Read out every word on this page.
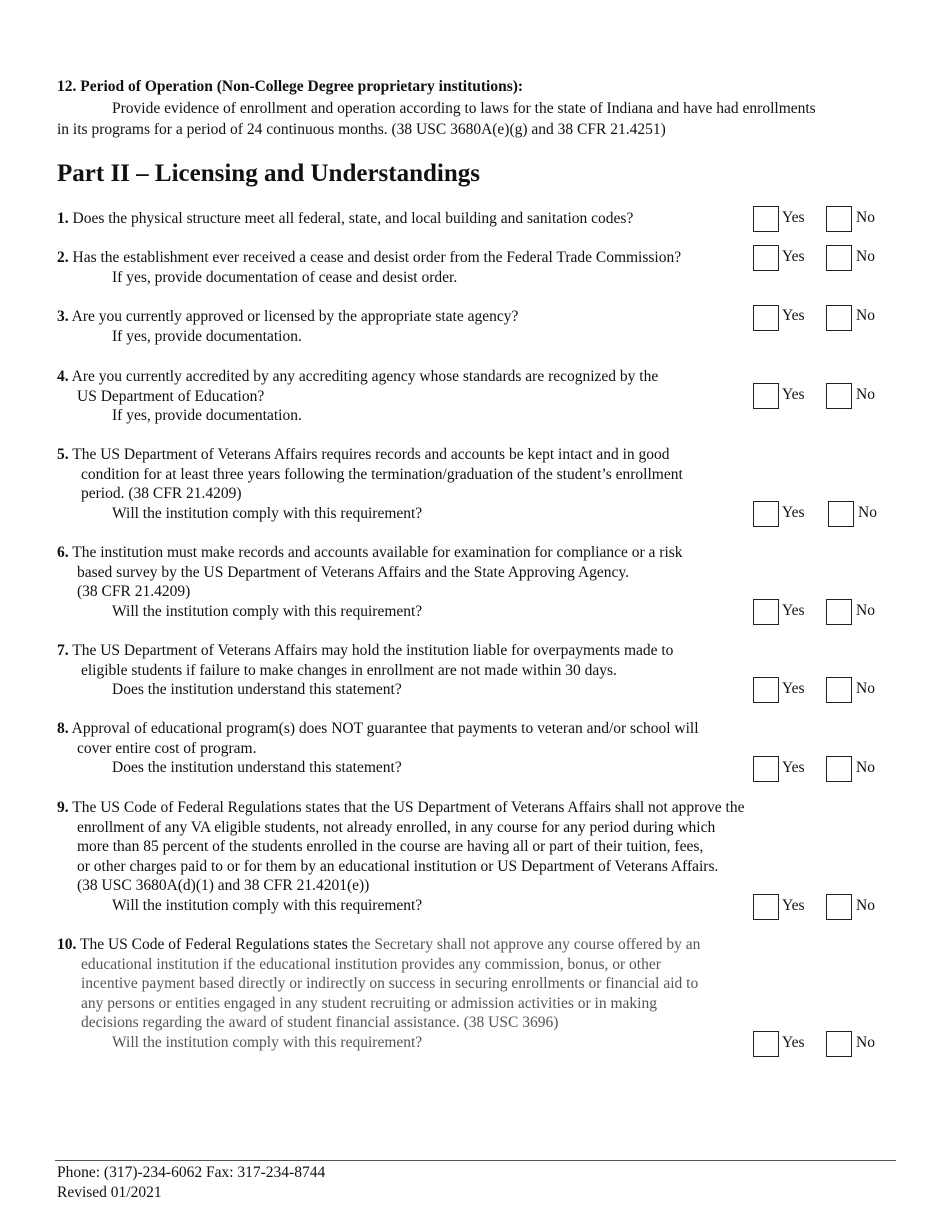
12. Period of Operation (Non-College Degree proprietary institutions):
Provide evidence of enrollment and operation according to laws for the state of Indiana and have had enrollments
in its programs for a period of 24 continuous months. (38 USC 3680A(e)(g) and 38 CFR 21.4251)
Part II – Licensing and Understandings
1. Does the physical structure meet all federal, state, and local building and sanitation codes?	Yes	No
2. Has the establishment ever received a cease and desist order from the Federal Trade Commission?
If yes, provide documentation of cease and desist order.
Yes	No
3. Are you currently approved or licensed by the appropriate state agency?
If yes, provide documentation.
Yes	No
4. Are you currently accredited by any accrediting agency whose standards are recognized by the
US Department of Education?
If yes, provide documentation.
Yes	No
5. The US Department of Veterans Affairs requires records and accounts be kept intact and in good
condition for at least three years following the termination/graduation of the student’s enrollment
period. (38 CFR 21.4209)
Will the institution comply with this requirement?	Yes	No
6. The institution must make records and accounts available for examination for compliance or a risk
based survey by the US Department of Veterans Affairs and the State Approving Agency.
(38 CFR 21.4209)
Will the institution comply with this requirement?	Yes	No
7. The US Department of Veterans Affairs may hold the institution liable for overpayments made to
eligible students if failure to make changes in enrollment are not made within 30 days.
Does the institution understand this statement?	Yes	No
8. Approval of educational program(s) does NOT guarantee that payments to veteran and/or school will
cover entire cost of program.
Does the institution understand this statement?	Yes	No
9. The US Code of Federal Regulations states that the US Department of Veterans Affairs shall not approve the
enrollment of any VA eligible students, not already enrolled, in any course for any period during which
more than 85 percent of the students enrolled in the course are having all or part of their tuition, fees,
or other charges paid to or for them by an educational institution or US Department of Veterans Affairs.
(38 USC 3680A(d)(1) and 38 CFR 21.4201(e))
Will the institution comply with this requirement?	Yes	No
10. The US Code of Federal Regulations states the Secretary shall not approve any course offered by an
educational institution if the educational institution provides any commission, bonus, or other
incentive payment based directly or indirectly on success in securing enrollments or financial aid to
any persons or entities engaged in any student recruiting or admission activities or in making
decisions regarding the award of student financial assistance. (38 USC 3696)
Will the institution comply with this requirement?	Yes	No
Phone: (317)-234-6062 Fax: 317-234-8744
Revised 01/2021
